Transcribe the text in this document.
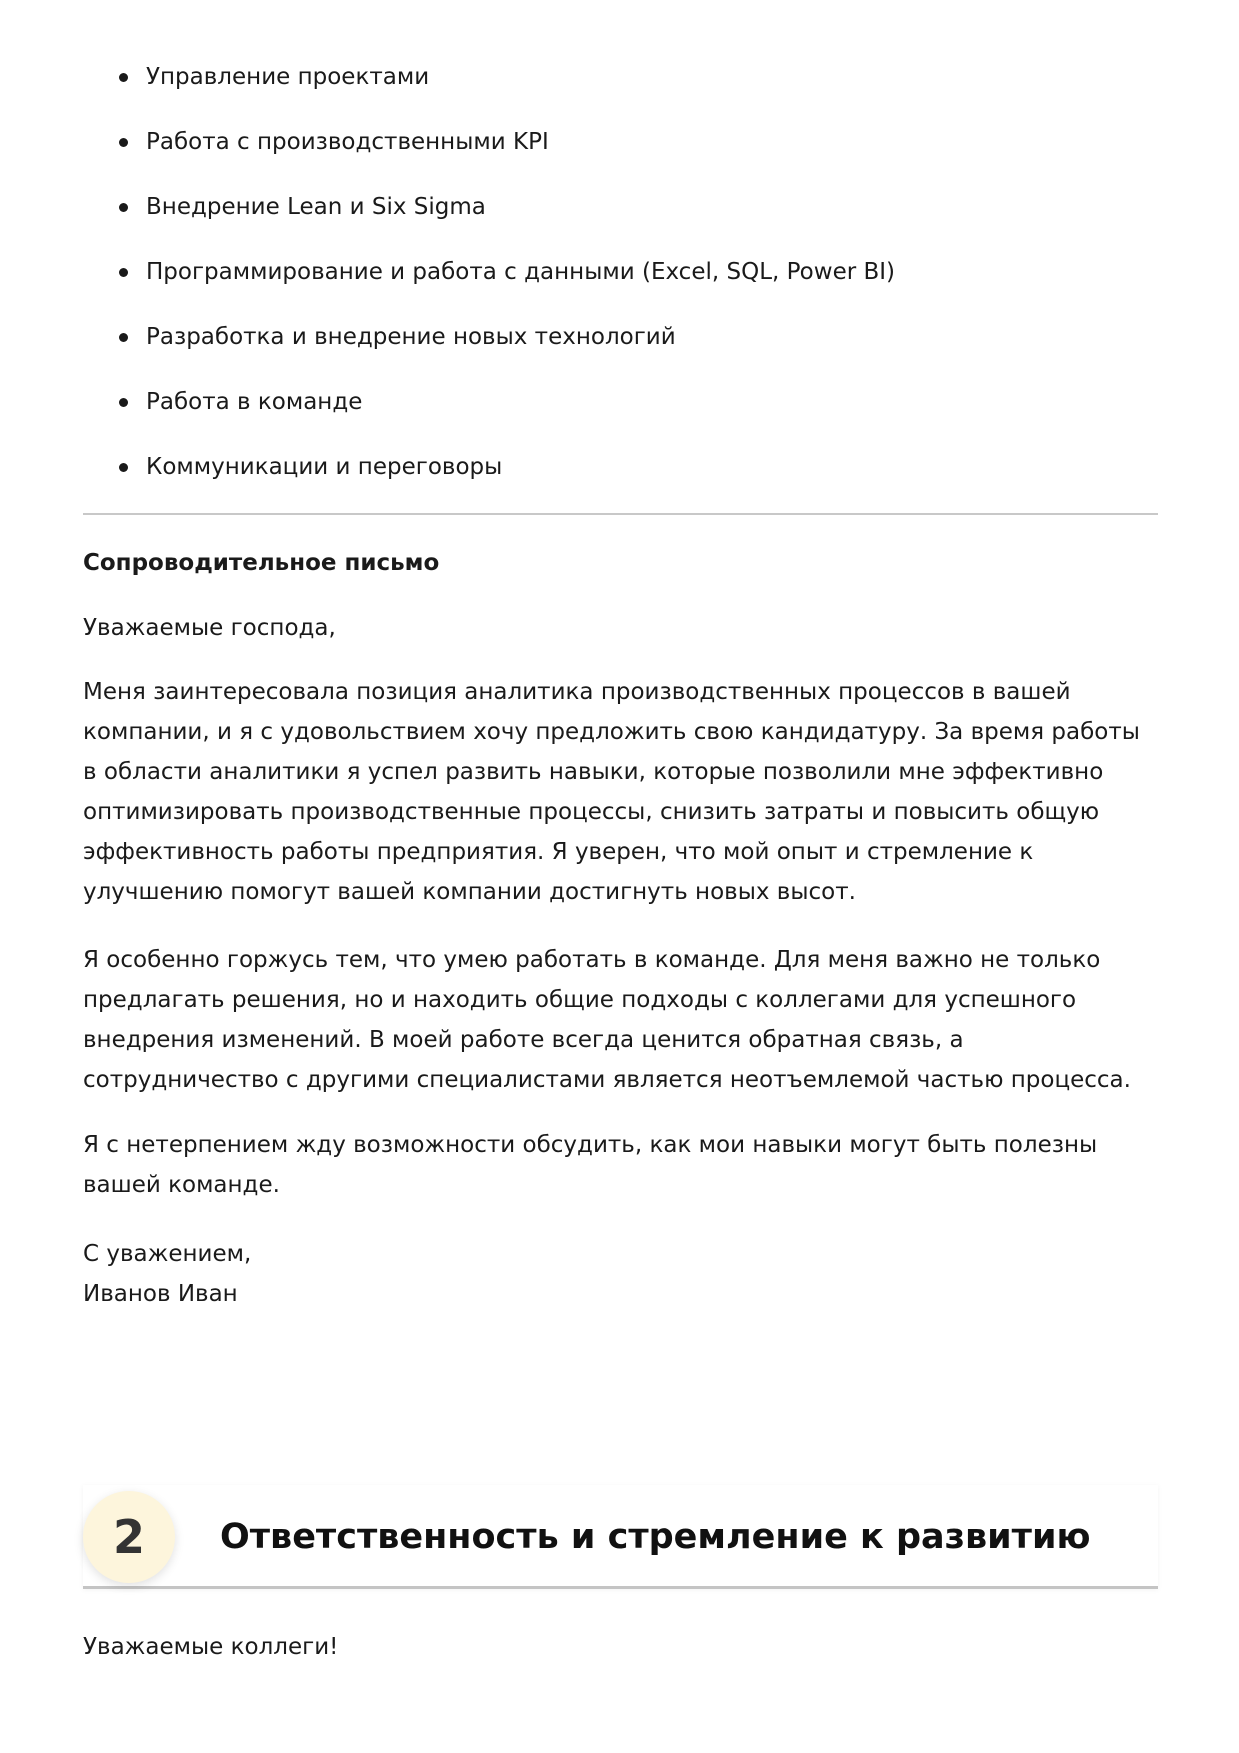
Управление проектами
Работа с производственными KPI
Внедрение Lean и Six Sigma
Программирование и работа с данными (Excel, SQL, Power BI)
Разработка и внедрение новых технологий
Работа в команде
Коммуникации и переговоры
Сопроводительное письмо
Уважаемые господа,

Меня заинтересовала позиция аналитика производственных процессов в вашей компании, и я с удовольствием хочу предложить свою кандидатуру. За время работы в области аналитики я успел развить навыки, которые позволили мне эффективно оптимизировать производственные процессы, снизить затраты и повысить общую эффективность работы предприятия. Я уверен, что мой опыт и стремление к улучшению помогут вашей компании достигнуть новых высот.

Я особенно горжусь тем, что умею работать в команде. Для меня важно не только предлагать решения, но и находить общие подходы с коллегами для успешного внедрения изменений. В моей работе всегда ценится обратная связь, а сотрудничество с другими специалистами является неотъемлемой частью процесса.

Я с нетерпением жду возможности обсудить, как мои навыки могут быть полезны вашей команде.

С уважением,
Иванов Иван
2	Ответственность и стремление к развитию
Уважаемые коллеги!
